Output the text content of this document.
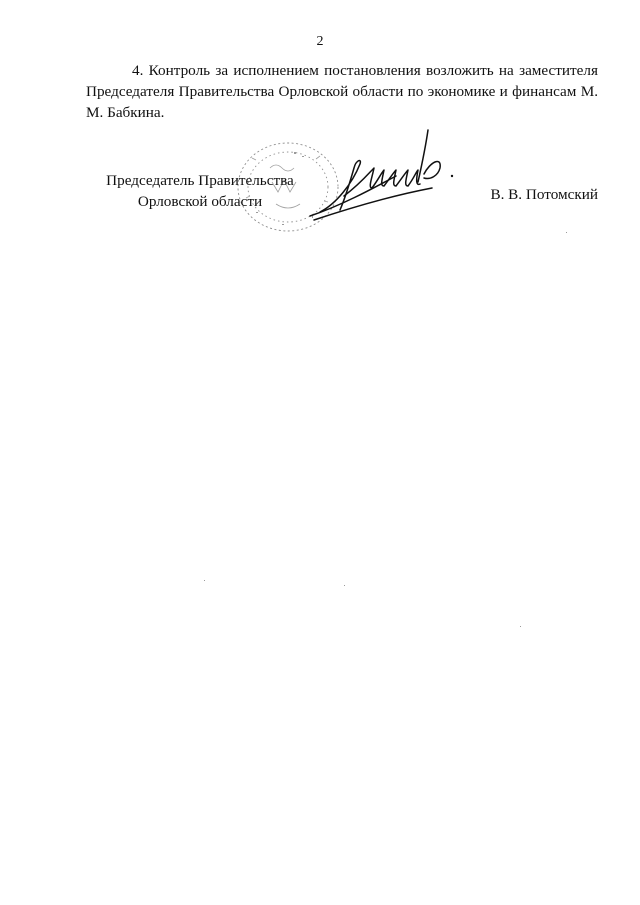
2

4. Контроль за исполнением постановления возложить на заместителя Председателя Правительства Орловской области по экономике и финансам М. М. Бабкина.

Председатель Правительства
Орловской области	В. В. Потомский
